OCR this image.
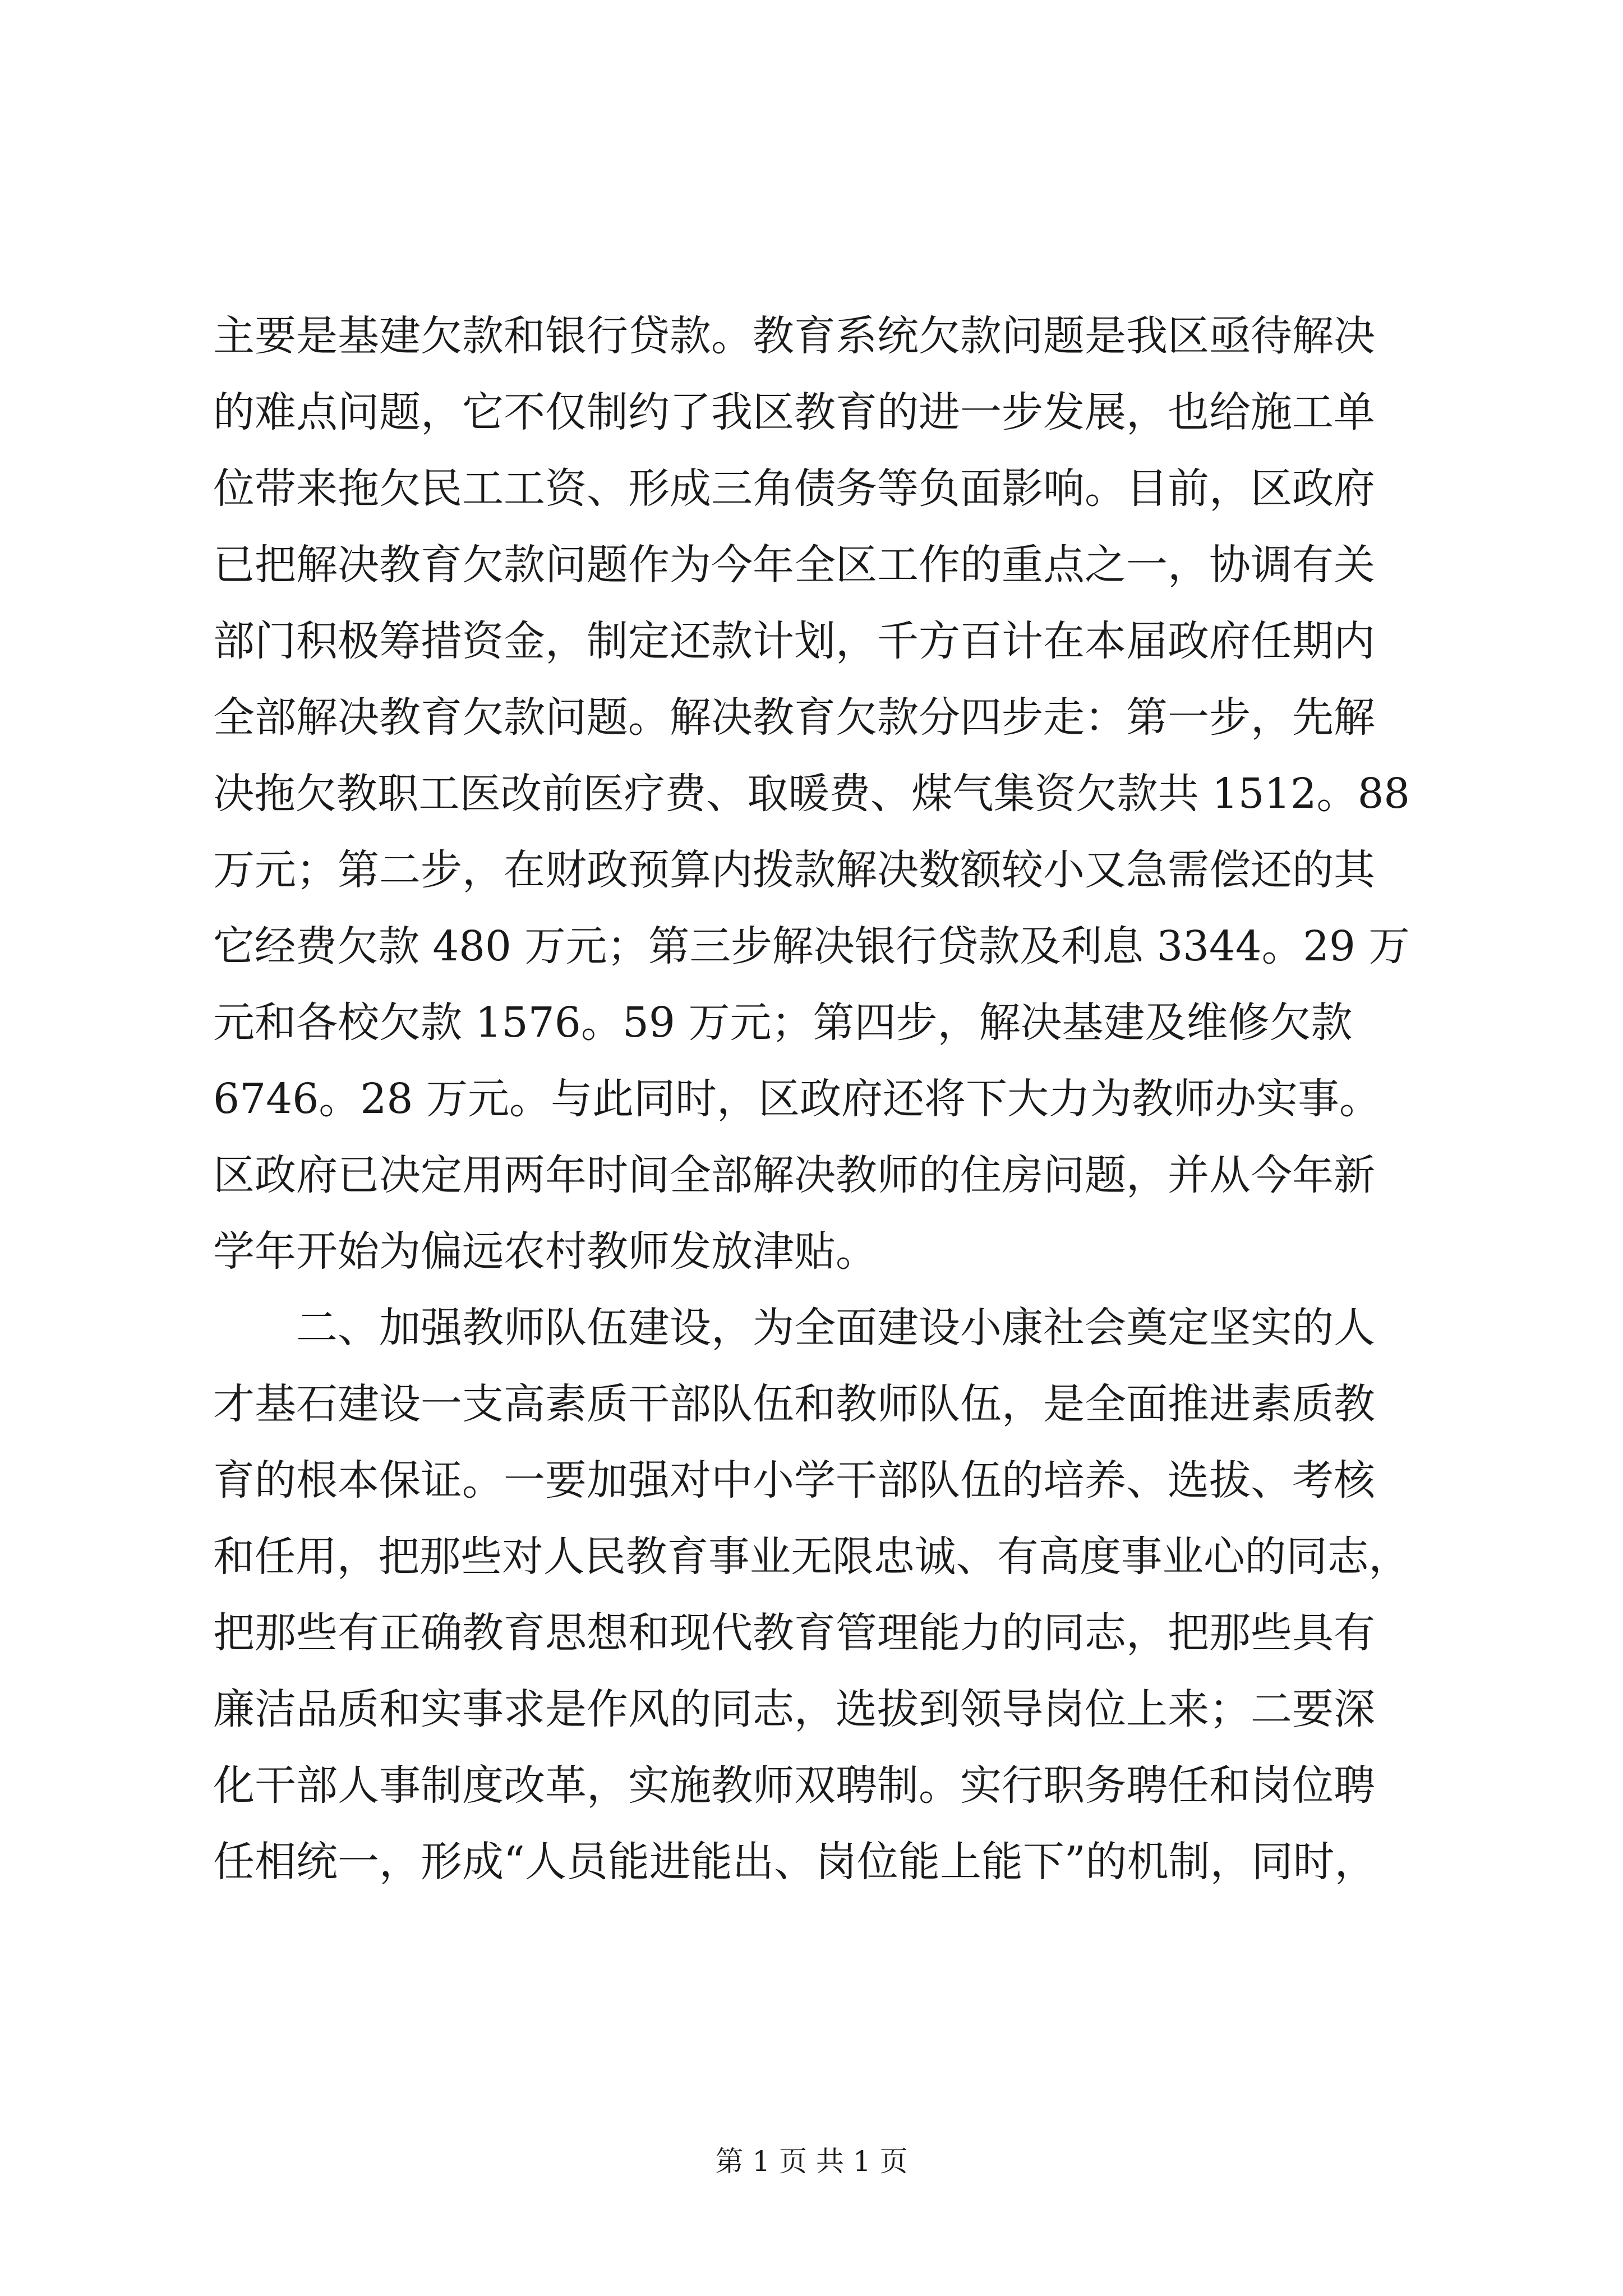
主要是基建欠款和银行贷款。教育系统欠款问题是我区亟待解决
的难点问题，它不仅制约了我区教育的进一步发展，也给施工单
位带来拖欠民工工资、形成三角债务等负面影响。目前，区政府
已把解决教育欠款问题作为今年全区工作的重点之一，协调有关
部门积极筹措资金，制定还款计划，千方百计在本届政府任期内
全部解决教育欠款问题。解决教育欠款分四步走：第一步，先解
决拖欠教职工医改前医疗费、取暖费、煤气集资欠款共 1512。88
万元；第二步，在财政预算内拨款解决数额较小又急需偿还的其
它经费欠款 480 万元；第三步解决银行贷款及利息 3344。29 万
元和各校欠款 1576。59 万元；第四步，解决基建及维修欠款
6746。28 万元。与此同时，区政府还将下大力为教师办实事。
区政府已决定用两年时间全部解决教师的住房问题，并从今年新
学年开始为偏远农村教师发放津贴。
二、加强教师队伍建设，为全面建设小康社会奠定坚实的人
才基石建设一支高素质干部队伍和教师队伍，是全面推进素质教
育的根本保证。一要加强对中小学干部队伍的培养、选拔、考核
和任用，把那些对人民教育事业无限忠诚、有高度事业心的同志，
把那些有正确教育思想和现代教育管理能力的同志，把那些具有
廉洁品质和实事求是作风的同志，选拔到领导岗位上来；二要深
化干部人事制度改革，实施教师双聘制。实行职务聘任和岗位聘
任相统一，形成“人员能进能出、岗位能上能下”的机制，同时，
第 1 页 共 1 页
